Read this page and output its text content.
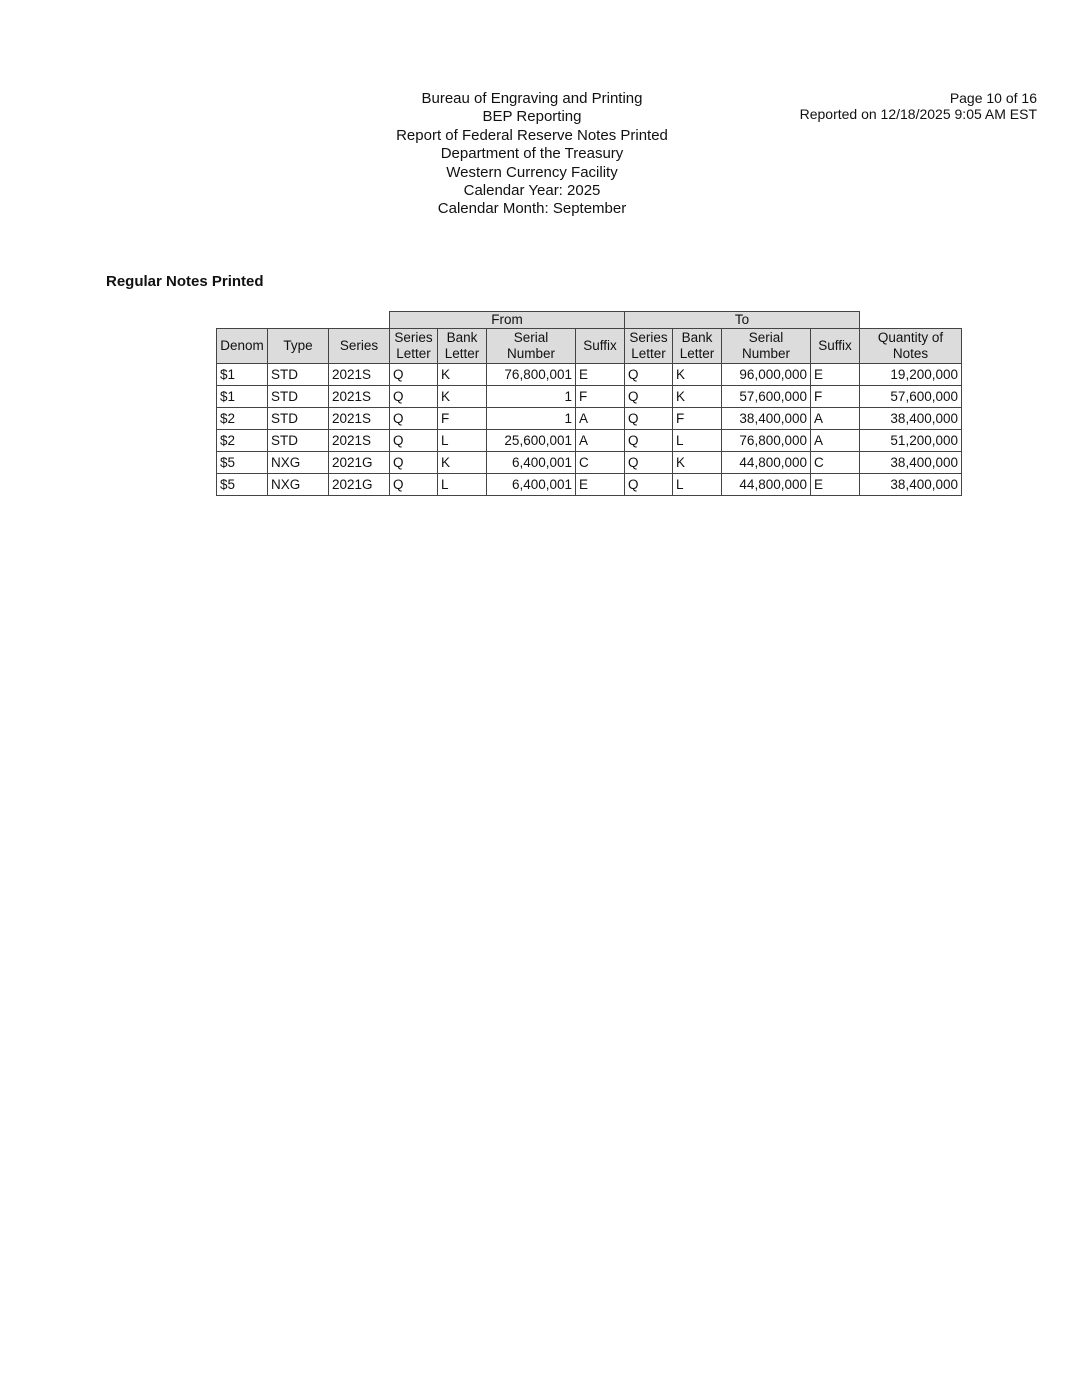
Bureau of Engraving and Printing
BEP Reporting
Report of Federal Reserve Notes Printed
Department of the Treasury
Western Currency Facility
Calendar Year: 2025
Calendar Month: September
Page 10 of 16
Reported on 12/18/2025 9:05 AM EST
Regular Notes Printed
			From				To				
Denom	Type	Series	Series Letter	Bank Letter	Serial Number	Suffix	Series Letter	Bank Letter	Serial Number	Suffix	Quantity of Notes
$1	STD	2021S	Q	K	76,800,001	E	Q	K	96,000,000	E	19,200,000
$1	STD	2021S	Q	K	1	F	Q	K	57,600,000	F	57,600,000
$2	STD	2021S	Q	F	1	A	Q	F	38,400,000	A	38,400,000
$2	STD	2021S	Q	L	25,600,001	A	Q	L	76,800,000	A	51,200,000
$5	NXG	2021G	Q	K	6,400,001	C	Q	K	44,800,000	C	38,400,000
$5	NXG	2021G	Q	L	6,400,001	E	Q	L	44,800,000	E	38,400,000
